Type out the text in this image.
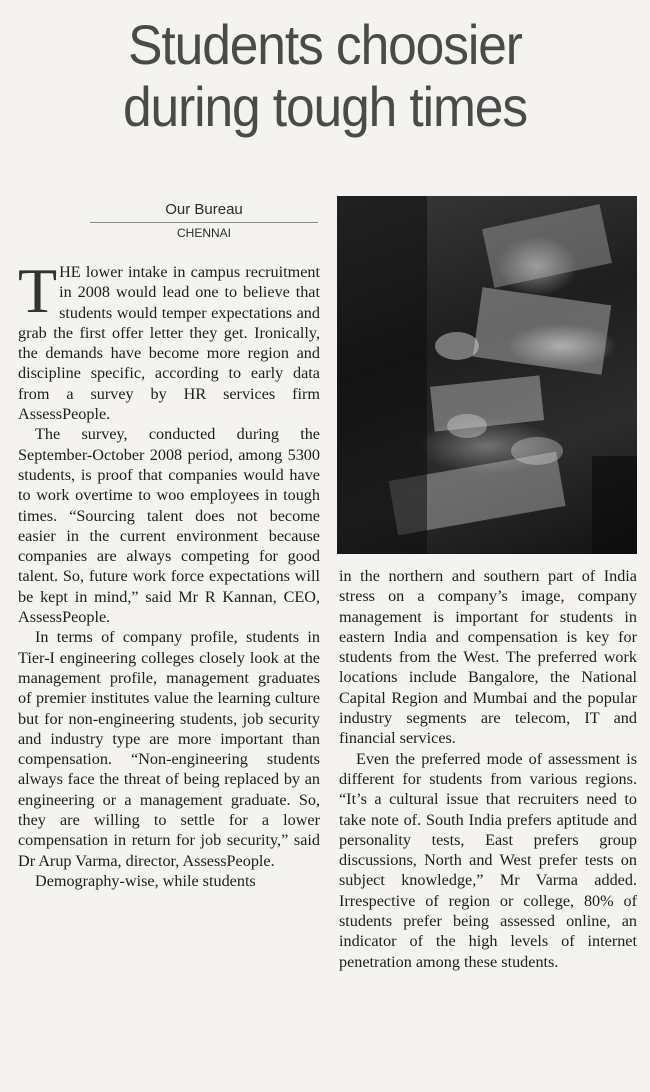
Students choosier
during tough times
Our Bureau
CHENNAI

THE lower intake in campus recruitment in 2008 would lead one to believe that students would temper expectations and grab the first offer letter they get. Ironically, the demands have become more region and discipline specific, according to early data from a survey by HR services firm AssessPeople.

The survey, conducted during the September-October 2008 period, among 5300 students, is proof that companies would have to work overtime to woo employees in tough times. “Sourcing talent does not become easier in the current environment because companies are always competing for good talent. So, future work force expectations will be kept in mind,” said Mr R Kannan, CEO, AssessPeople.

In terms of company profile, students in Tier-I engineering colleges closely look at the management profile, management graduates of premier institutes value the learning culture but for non-engineering students, job security and industry type are more important than compensation. “Non-engineering students always face the threat of being replaced by an engineering or a management graduate. So, they are willing to settle for a lower compensation in return for job security,” said Dr Arup Varma, director, AssessPeople.

Demography-wise, while students

in the northern and southern part of India stress on a company’s image, company management is important for students in eastern India and compensation is key for students from the West. The preferred work locations include Bangalore, the National Capital Region and Mumbai and the popular industry segments are telecom, IT and financial services.

Even the preferred mode of assessment is different for students from various regions. “It’s a cultural issue that recruiters need to take note of. South India prefers aptitude and personality tests, East prefers group discussions, North and West prefer tests on subject knowledge,” Mr Varma added. Irrespective of region or college, 80% of students prefer being assessed online, an indicator of the high levels of internet penetration among these students.
